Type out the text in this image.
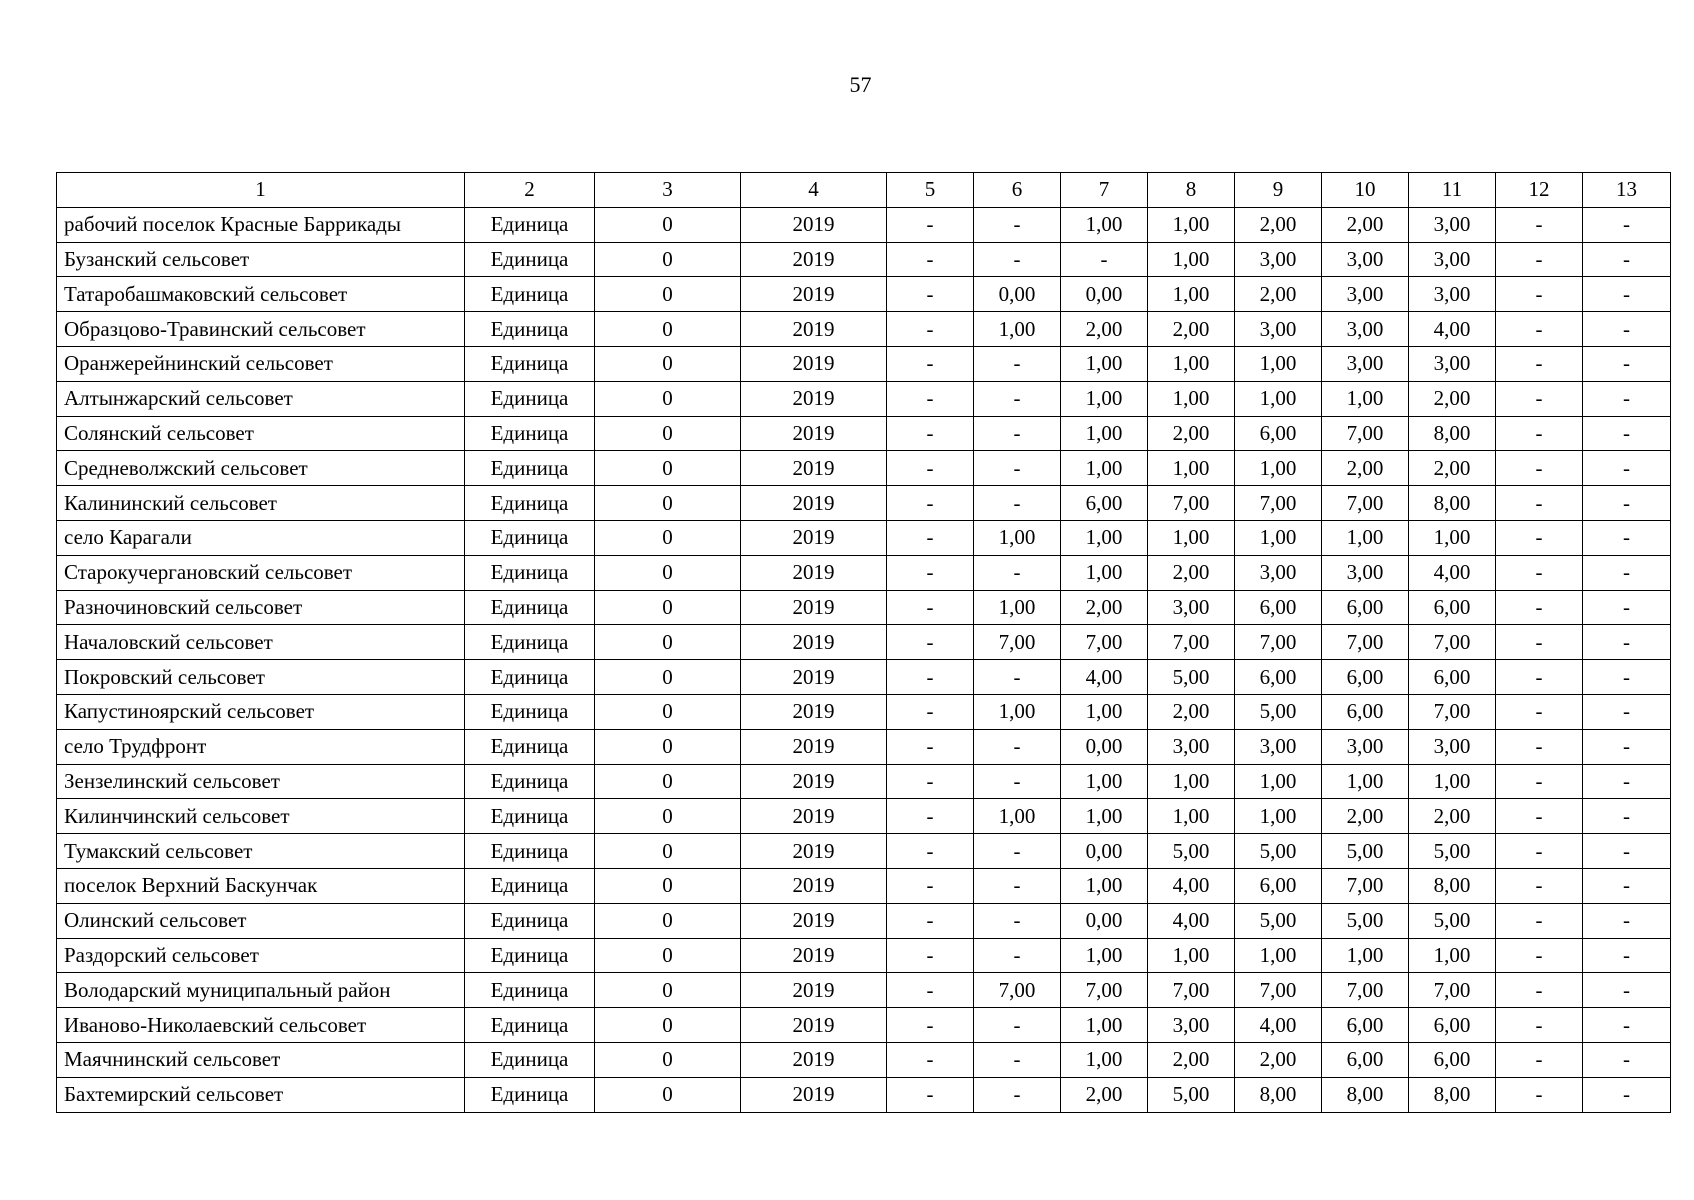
57
1	2	3	4	5	6	7	8	9	10	11	12	13
рабочий поселок Красные Баррикады	Единица	0	2019	-	-	1,00	1,00	2,00	2,00	3,00	-	-
Бузанский сельсовет	Единица	0	2019	-	-	-	1,00	3,00	3,00	3,00	-	-
Татаробашмаковский сельсовет	Единица	0	2019	-	0,00	0,00	1,00	2,00	3,00	3,00	-	-
Образцово-Травинский сельсовет	Единица	0	2019	-	1,00	2,00	2,00	3,00	3,00	4,00	-	-
Оранжерейнинский сельсовет	Единица	0	2019	-	-	1,00	1,00	1,00	3,00	3,00	-	-
Алтынжарский сельсовет	Единица	0	2019	-	-	1,00	1,00	1,00	1,00	2,00	-	-
Солянский сельсовет	Единица	0	2019	-	-	1,00	2,00	6,00	7,00	8,00	-	-
Средневолжский сельсовет	Единица	0	2019	-	-	1,00	1,00	1,00	2,00	2,00	-	-
Калининский сельсовет	Единица	0	2019	-	-	6,00	7,00	7,00	7,00	8,00	-	-
село Карагали	Единица	0	2019	-	1,00	1,00	1,00	1,00	1,00	1,00	-	-
Старокучергановский сельсовет	Единица	0	2019	-	-	1,00	2,00	3,00	3,00	4,00	-	-
Разночиновский сельсовет	Единица	0	2019	-	1,00	2,00	3,00	6,00	6,00	6,00	-	-
Началовский сельсовет	Единица	0	2019	-	7,00	7,00	7,00	7,00	7,00	7,00	-	-
Покровский сельсовет	Единица	0	2019	-	-	4,00	5,00	6,00	6,00	6,00	-	-
Капустиноярский сельсовет	Единица	0	2019	-	1,00	1,00	2,00	5,00	6,00	7,00	-	-
село Трудфронт	Единица	0	2019	-	-	0,00	3,00	3,00	3,00	3,00	-	-
Зензелинский сельсовет	Единица	0	2019	-	-	1,00	1,00	1,00	1,00	1,00	-	-
Килинчинский сельсовет	Единица	0	2019	-	1,00	1,00	1,00	1,00	2,00	2,00	-	-
Тумакский сельсовет	Единица	0	2019	-	-	0,00	5,00	5,00	5,00	5,00	-	-
поселок Верхний Баскунчак	Единица	0	2019	-	-	1,00	4,00	6,00	7,00	8,00	-	-
Олинский сельсовет	Единица	0	2019	-	-	0,00	4,00	5,00	5,00	5,00	-	-
Раздорский сельсовет	Единица	0	2019	-	-	1,00	1,00	1,00	1,00	1,00	-	-
Володарский муниципальный район	Единица	0	2019	-	7,00	7,00	7,00	7,00	7,00	7,00	-	-
Иваново-Николаевский сельсовет	Единица	0	2019	-	-	1,00	3,00	4,00	6,00	6,00	-	-
Маячнинский сельсовет	Единица	0	2019	-	-	1,00	2,00	2,00	6,00	6,00	-	-
Бахтемирский сельсовет	Единица	0	2019	-	-	2,00	5,00	8,00	8,00	8,00	-	-
